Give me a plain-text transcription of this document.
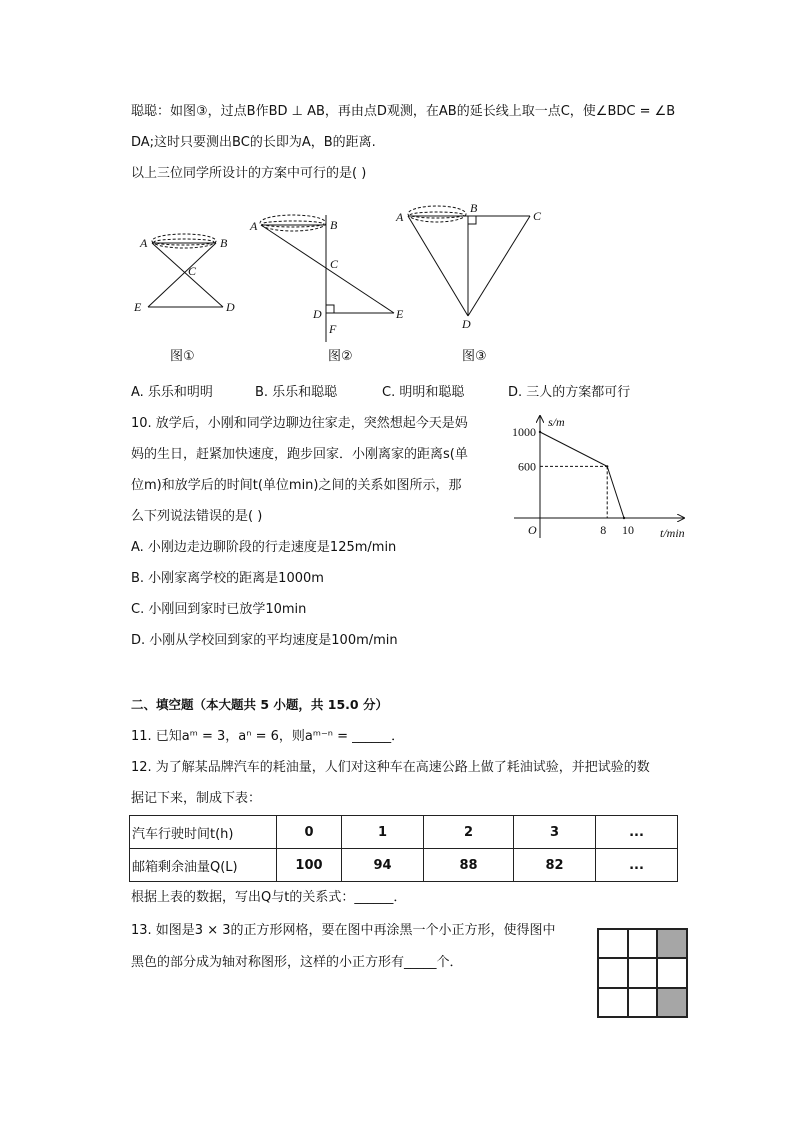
聪聪：如图③，过点B作BD ⊥ AB，再由点D观测，在AB的延长线上取一点C，使∠BDC = ∠B
DA;这时只要测出BC的长即为A，B的距离.
以上三位同学所设计的方案中可行的是( )
A	B
C
E	D
图①
A	B
C
D	E
F
图②
A
B
C
D
图③
A. 乐乐和明明	B. 乐乐和聪聪	C. 明明和聪聪	D. 三人的方案都可行
10. 放学后，小刚和同学边聊边往家走，突然想起今天是妈
妈的生日，赶紧加快速度，跑步回家．小刚离家的距离s(单
位m)和放学后的时间t(单位min)之间的关系如图所示，那
么下列说法错误的是( )
A. 小刚边走边聊阶段的行走速度是125m/min
B. 小刚家离学校的距离是1000m
C. 小刚回到家时已放学10min
D. 小刚从学校回到家的平均速度是100m/min
s/m
t/min
O
600
1000
8 10
二、填空题（本大题共 5 小题，共 15.0 分）
11. 已知aᵐ = 3，aⁿ = 6，则aᵐ⁻ⁿ = ______．
12. 为了解某品牌汽车的耗油量，人们对这种车在高速公路上做了耗油试验，并把试验的数
据记下来，制成下表：
汽车行驶时间t(h)	0	1	2	3	...
邮箱剩余油量Q(L)	100	94	88	82	...
根据上表的数据，写出Q与t的关系式：______．
13. 如图是3 × 3的正方形网格，要在图中再涂黑一个小正方形，使得图中
黑色的部分成为轴对称图形，这样的小正方形有_____个．
